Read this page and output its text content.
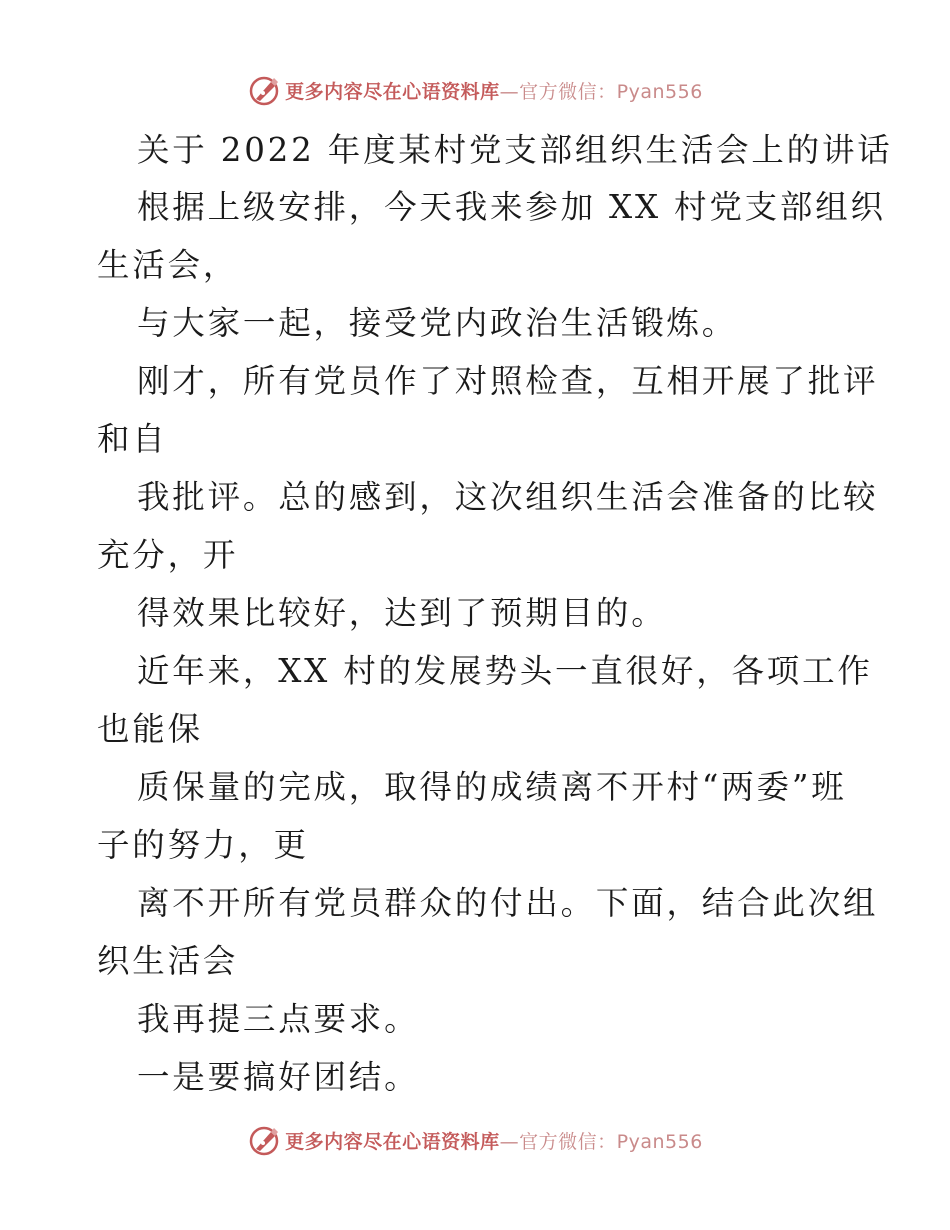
更多内容尽在心语资料库—官方微信：Pyan556
关于 2022 年度某村党支部组织生活会上的讲话
根据上级安排，今天我来参加 XX 村党支部组织
生活会，
与大家一起，接受党内政治生活锻炼。
刚才，所有党员作了对照检查，互相开展了批评
和自
我批评。总的感到，这次组织生活会准备的比较
充分，开
得效果比较好，达到了预期目的。
近年来，XX 村的发展势头一直很好，各项工作
也能保
质保量的完成，取得的成绩离不开村“两委”班
子的努力，更
离不开所有党员群众的付出。下面，结合此次组
织生活会
我再提三点要求。
一是要搞好团结。
更多内容尽在心语资料库—官方微信：Pyan556
